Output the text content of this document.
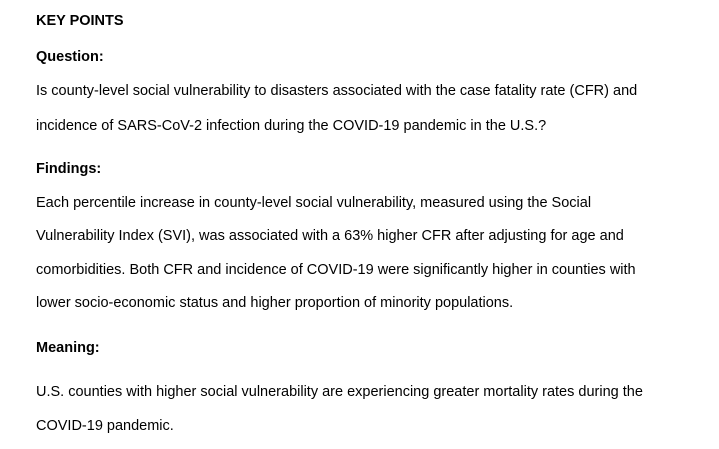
KEY POINTS
Question:
Is county-level social vulnerability to disasters associated with the case fatality rate (CFR) and
incidence of SARS-CoV-2 infection during the COVID-19 pandemic in the U.S.?
Findings:
Each percentile increase in county-level social vulnerability, measured using the Social
Vulnerability Index (SVI), was associated with a 63% higher CFR after adjusting for age and
comorbidities. Both CFR and incidence of COVID-19 were significantly higher in counties with
lower socio-economic status and higher proportion of minority populations.
Meaning:
U.S. counties with higher social vulnerability are experiencing greater mortality rates during the
COVID-19 pandemic.
